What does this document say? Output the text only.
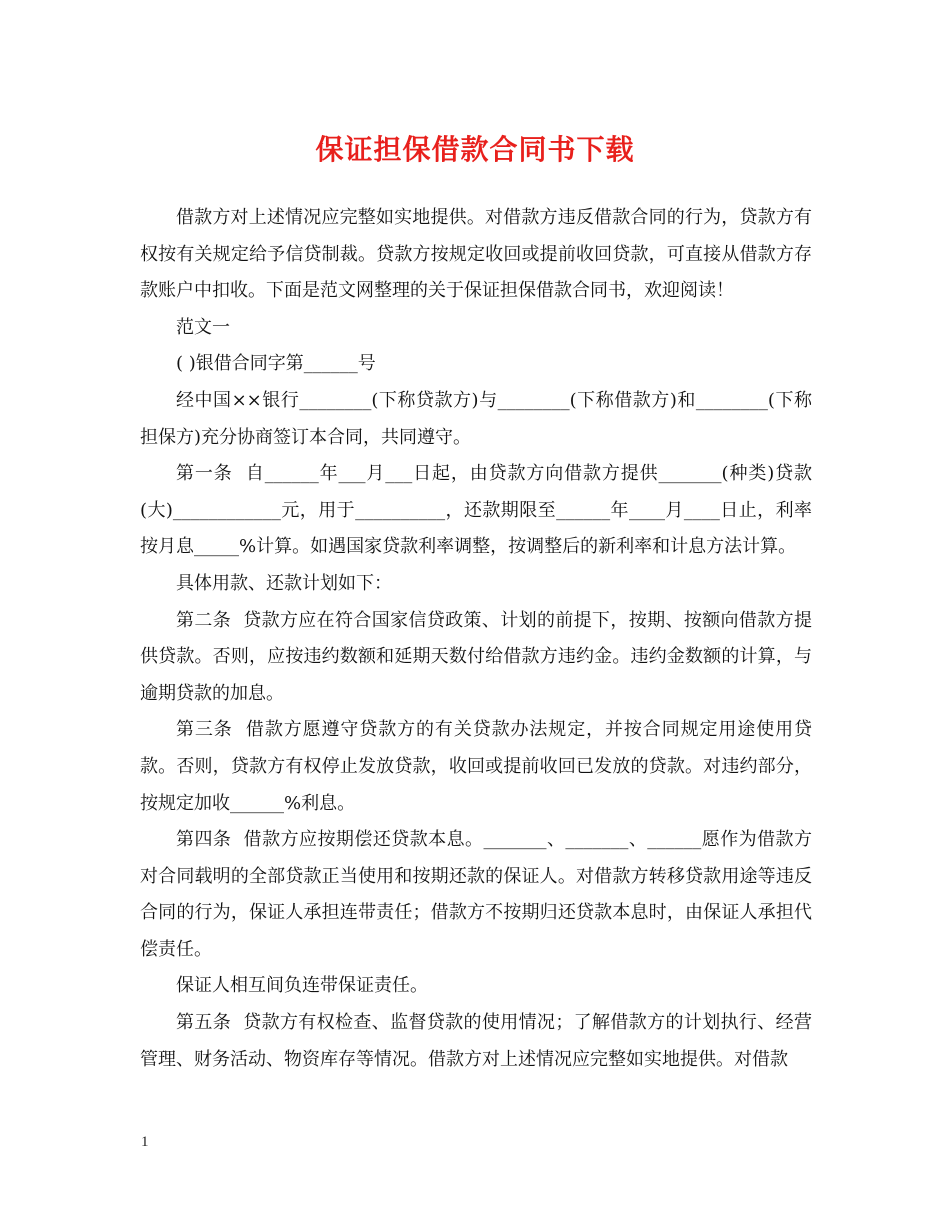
保证担保借款合同书下载

借款方对上述情况应完整如实地提供。对借款方违反借款合同的行为，贷款方有权按有关规定给予信贷制裁。贷款方按规定收回或提前收回贷款，可直接从借款方存款账户中扣收。下面是范文网整理的关于保证担保借款合同书，欢迎阅读！

范文一

( )银借合同字第______号

经中国××银行________(下称贷款方)与________(下称借款方)和________(下称担保方)充分协商签订本合同，共同遵守。

第一条  自______年___月___日起，由贷款方向借款方提供_______(种类)贷款(大)____________元，用于__________，还款期限至______年____月____日止，利率按月息_____%计算。如遇国家贷款利率调整，按调整后的新利率和计息方法计算。

具体用款、还款计划如下：

第二条  贷款方应在符合国家信贷政策、计划的前提下，按期、按额向借款方提供贷款。否则，应按违约数额和延期天数付给借款方违约金。违约金数额的计算，与逾期贷款的加息。

第三条  借款方愿遵守贷款方的有关贷款办法规定，并按合同规定用途使用贷款。否则，贷款方有权停止发放贷款，收回或提前收回已发放的贷款。对违约部分，按规定加收______%利息。

第四条  借款方应按期偿还贷款本息。_______、_______、______愿作为借款方对合同载明的全部贷款正当使用和按期还款的保证人。对借款方转移贷款用途等违反合同的行为，保证人承担连带责任；借款方不按期归还贷款本息时，由保证人承担代偿责任。

保证人相互间负连带保证责任。

第五条  贷款方有权检查、监督贷款的使用情况；了解借款方的计划执行、经营管理、财务活动、物资库存等情况。借款方对上述情况应完整如实地提供。对借款

1
